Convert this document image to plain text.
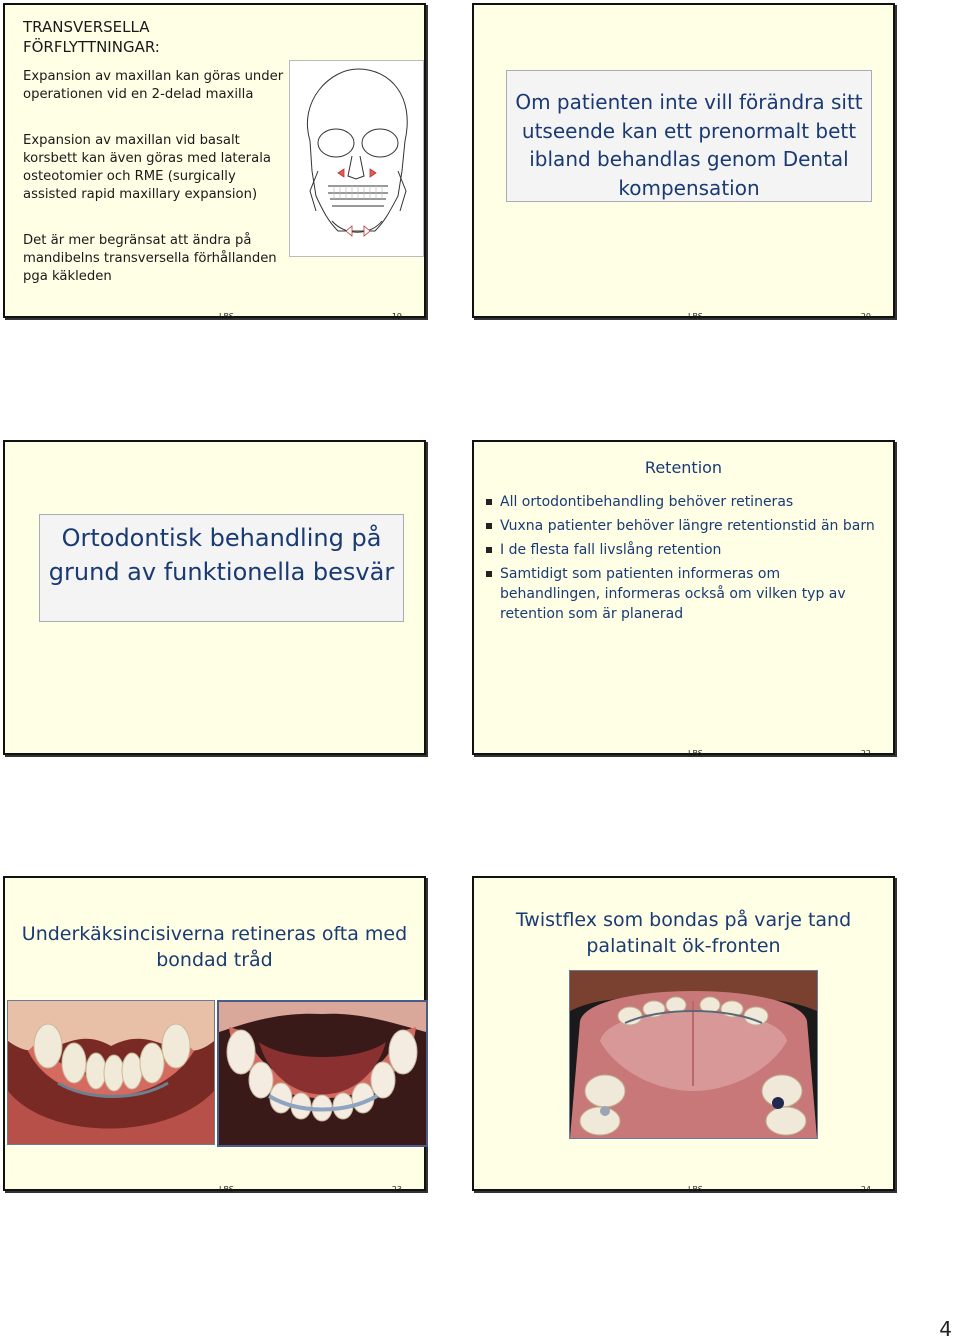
TRANSVERSELLA FÖRFLYTTNINGAR:
Expansion av maxillan kan göras under operationen vid en 2-delad maxilla
Expansion av maxillan vid basalt korsbett kan även göras med laterala osteotomier och RME (surgically assisted rapid maxillary expansion)
Det är mer begränsat att ändra på mandibelns transversella förhållanden pga käkleden
LBS	19
Om patienten inte vill förändra sitt utseende kan ett prenormalt bett ibland behandlas genom Dental kompensation
LBS	20
Ortodontisk behandling på grund av funktionella besvär
Retention
All ortodontibehandling behöver retineras
Vuxna patienter behöver längre retentionstid än barn
I de flesta fall livslång retention
Samtidigt som patienten informeras om behandlingen, informeras också om vilken typ av retention som är planerad
LBS	22
Underkäksincisiverna retineras ofta med bondad tråd
LBS	23
Twistflex som bondas på varje tand palatinalt ök-fronten
LBS	24
4
